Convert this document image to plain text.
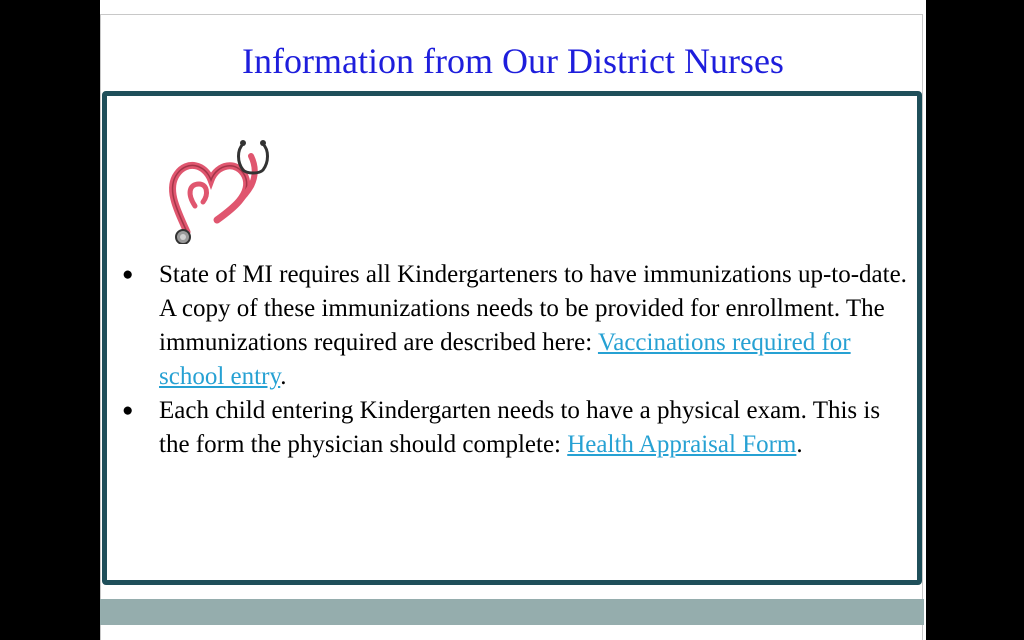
Information from Our District Nurses
● State of MI requires all Kindergarteners to have immunizations up-to-date. A copy of these immunizations needs to be provided for enrollment. The immunizations required are described here: Vaccinations required for school entry.
● Each child entering Kindergarten needs to have a physical exam. This is the form the physician should complete: Health Appraisal Form.
